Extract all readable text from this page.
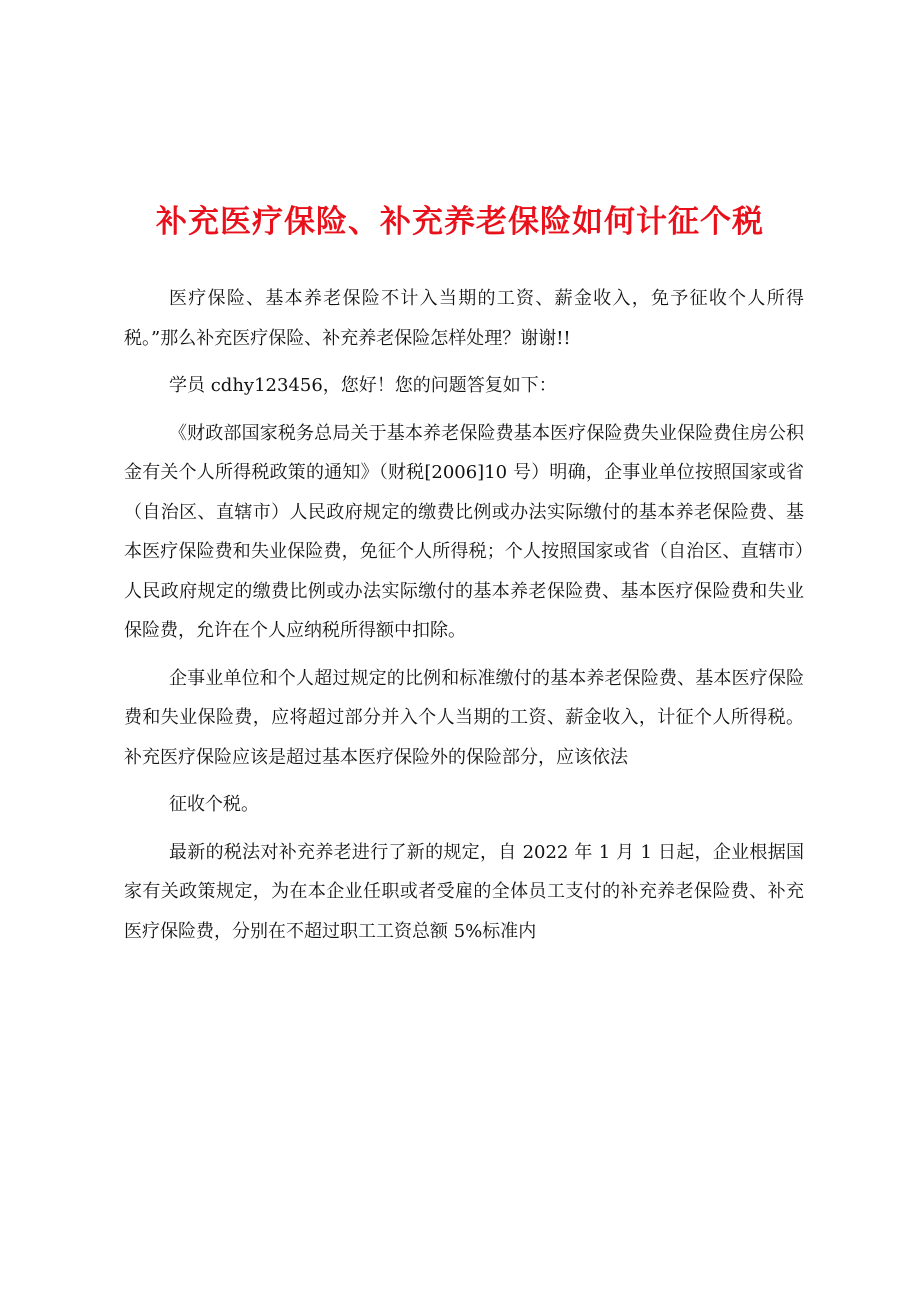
补充医疗保险、补充养老保险如何计征个税

医疗保险、基本养老保险不计入当期的工资、薪金收入，免予征收个人所得税。”那么补充医疗保险、补充养老保险怎样处理？谢谢!!

学员 cdhy123456，您好！您的问题答复如下：

《财政部国家税务总局关于基本养老保险费基本医疗保险费失业保险费住房公积金有关个人所得税政策的通知》（财税[2006]10 号）明确，企事业单位按照国家或省（自治区、直辖市）人民政府规定的缴费比例或办法实际缴付的基本养老保险费、基本医疗保险费和失业保险费，免征个人所得税；个人按照国家或省（自治区、直辖市）人民政府规定的缴费比例或办法实际缴付的基本养老保险费、基本医疗保险费和失业保险费，允许在个人应纳税所得额中扣除。

企事业单位和个人超过规定的比例和标准缴付的基本养老保险费、基本医疗保险费和失业保险费，应将超过部分并入个人当期的工资、薪金收入，计征个人所得税。补充医疗保险应该是超过基本医疗保险外的保险部分，应该依法

征收个税。

最新的税法对补充养老进行了新的规定，自 2022 年 1 月 1 日起，企业根据国家有关政策规定，为在本企业任职或者受雇的全体员工支付的补充养老保险费、补充医疗保险费，分别在不超过职工工资总额 5%标准内
